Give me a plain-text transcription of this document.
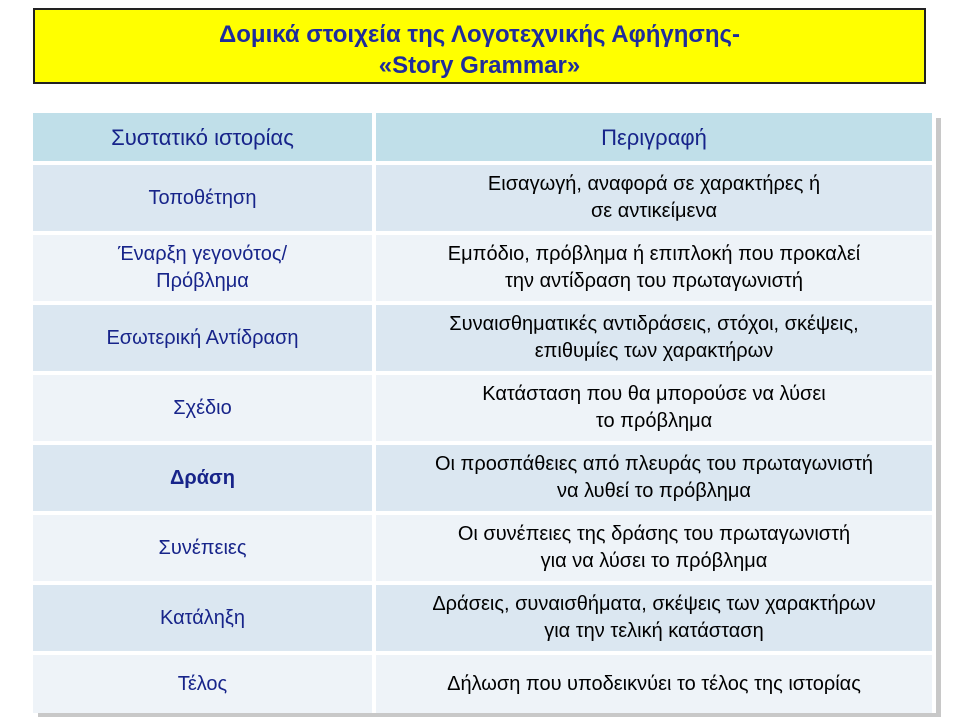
Δομικά στοιχεία της Λογοτεχνικής Αφήγησης-
«Story Grammar»
Συστατικό ιστορίας	Περιγραφή
Τοποθέτηση
Εισαγωγή, αναφορά σε χαρακτήρες ή
σε αντικείμενα
Έναρξη γεγονότος/
Πρόβλημα
Εμπόδιο, πρόβλημα ή επιπλοκή που προκαλεί
την αντίδραση του πρωταγωνιστή
Εσωτερική Αντίδραση
Συναισθηματικές αντιδράσεις, στόχοι, σκέψεις,
επιθυμίες των χαρακτήρων
Σχέδιο
Κατάσταση που θα μπορούσε να λύσει
το πρόβλημα
Δράση
Οι προσπάθειες από πλευράς του πρωταγωνιστή
να λυθεί το πρόβλημα
Συνέπειες
Οι συνέπειες της δράσης του πρωταγωνιστή
για να λύσει το πρόβλημα
Κατάληξη
Δράσεις, συναισθήματα, σκέψεις των χαρακτήρων
για την τελική κατάσταση
Τέλος	Δήλωση που υποδεικνύει το τέλος της ιστορίας
